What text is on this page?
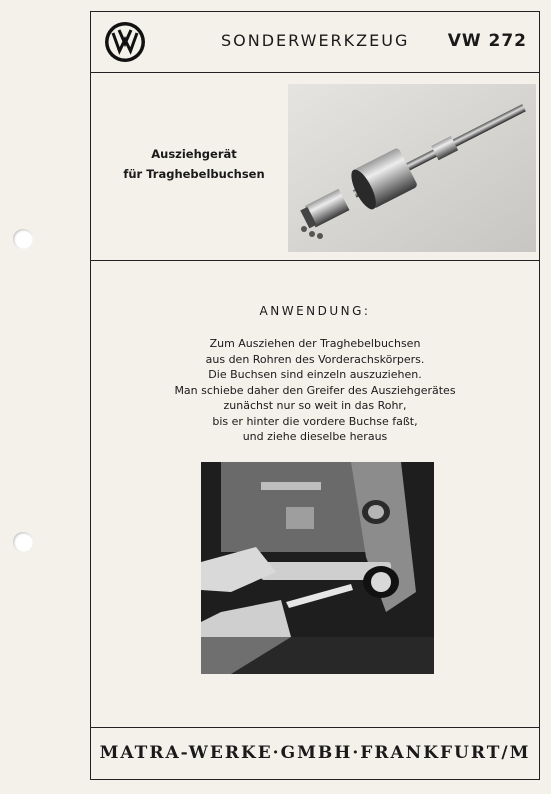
SONDERWERKZEUG VW 272
Ausziehgerät
für Traghebelbuchsen
ANWENDUNG:
Zum Ausziehen der Traghebelbuchsen
aus den Rohren des Vorderachskörpers.
Die Buchsen sind einzeln auszuziehen.
Man schiebe daher den Greifer des Ausziehgerätes
zunächst nur so weit in das Rohr,
bis er hinter die vordere Buchse faßt,
und ziehe dieselbe heraus
MATRA-WERKE·GMBH·FRANKFURT/M
